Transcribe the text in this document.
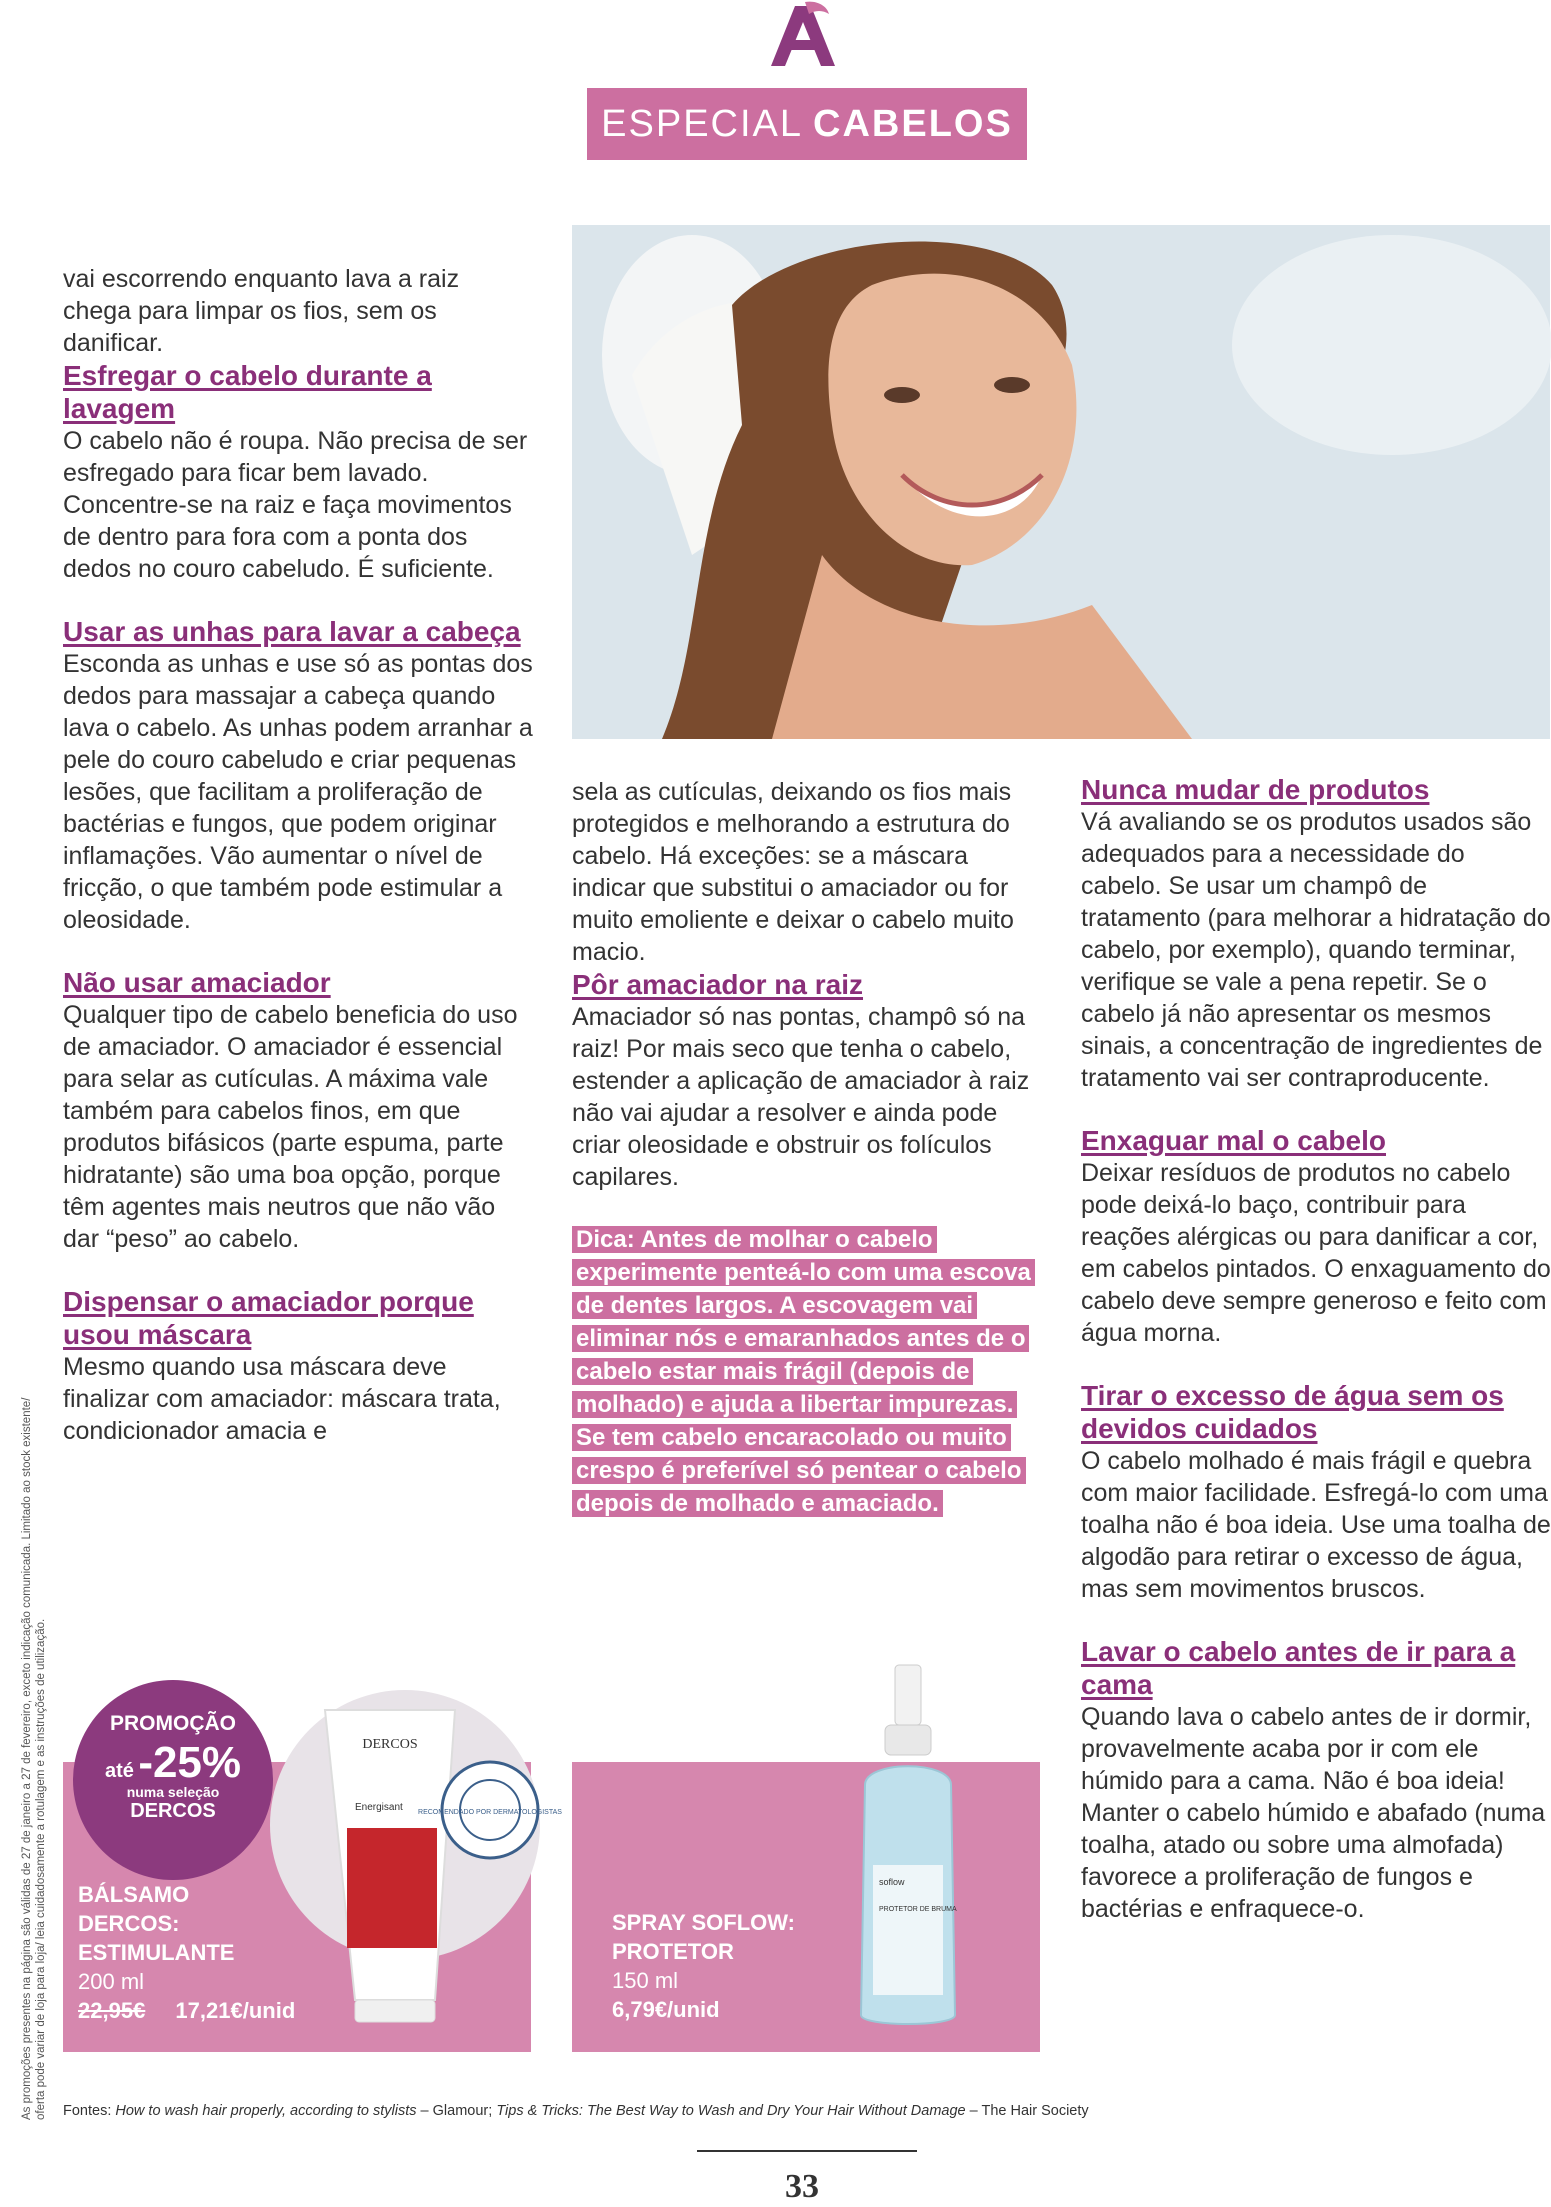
ESPECIAL CABELOS
As promoções presentes na página são válidas de 27 de janeiro a 27 de fevereiro, exceto indicação comunicada. Limitado ao stock existente/ oferta pode variar de loja para loja/ leia cuidadosamente a rotulagem e as instruções de utilização.

vai escorrendo enquanto lava a raiz chega para limpar os fios, sem os danificar.

Esfregar o cabelo durante a lavagem

O cabelo não é roupa. Não precisa de ser esfregado para ficar bem lavado. Concentre-se na raiz e faça movimentos de dentro para fora com a ponta dos dedos no couro cabeludo. É suficiente.

Usar as unhas para lavar a cabeça

Esconda as unhas e use só as pontas dos dedos para massajar a cabeça quando lava o cabelo. As unhas podem arranhar a pele do couro cabeludo e criar pequenas lesões, que facilitam a proliferação de bactérias e fungos, que podem originar inflamações. Vão aumentar o nível de fricção, o que também pode estimular a oleosidade.

Não usar amaciador

Qualquer tipo de cabelo beneficia do uso de amaciador. O amaciador é essencial para selar as cutículas. A máxima vale também para cabelos finos, em que produtos bifásicos (parte espuma, parte hidratante) são uma boa opção, porque têm agentes mais neutros que não vão dar “peso” ao cabelo.

Dispensar o amaciador porque usou máscara

Mesmo quando usa máscara deve finalizar com amaciador: máscara trata, condicionador amacia e

sela as cutículas, deixando os fios mais protegidos e melhorando a estrutura do cabelo. Há exceções: se a máscara indicar que substitui o amaciador ou for muito emoliente e deixar o cabelo muito macio.

Pôr amaciador na raiz

Amaciador só nas pontas, champô só na raiz! Por mais seco que tenha o cabelo, estender a aplicação de amaciador à raiz não vai ajudar a resolver e ainda pode criar oleosidade e obstruir os folículos capilares.

Dica: Antes de molhar o cabelo experimente penteá-lo com uma escova de dentes largos. A escovagem vai eliminar nós e emaranhados antes de o cabelo estar mais frágil (depois de molhado) e ajuda a libertar impurezas. Se tem cabelo encaracolado ou muito crespo é preferível só pentear o cabelo depois de molhado e amaciado.

Nunca mudar de produtos

Vá avaliando se os produtos usados são adequados para a necessidade do cabelo. Se usar um champô de tratamento (para melhorar a hidratação do cabelo, por exemplo), quando terminar, verifique se vale a pena repetir. Se o cabelo já não apresentar os mesmos sinais, a concentração de ingredientes de tratamento vai ser contraproducente.

Enxaguar mal o cabelo

Deixar resíduos de produtos no cabelo pode deixá-lo baço, contribuir para reações alérgicas ou para danificar a cor, em cabelos pintados. O enxaguamento do cabelo deve sempre generoso e feito com água morna.

Tirar o excesso de água sem os devidos cuidados

O cabelo molhado é mais frágil e quebra com maior facilidade. Esfregá-lo com uma toalha não é boa ideia. Use uma toalha de algodão para retirar o excesso de água, mas sem movimentos bruscos.

Lavar o cabelo antes de ir para a cama

Quando lava o cabelo antes de ir dormir, provavelmente acaba por ir com ele húmido para a cama. Não é boa ideia! Manter o cabelo húmido e abafado (numa toalha, atado ou sobre uma almofada) favorece a proliferação de fungos e bactérias e enfraquece-o.

PROMOÇÃO
até -25%
numa seleção
DERCOS
DERCOS
Energisant RECOMENDADO POR DERMATOLOGISTAS
BÁLSAMO
DERCOS:
ESTIMULANTE
200 ml
22,95€ 17,21€/unid
soflow
PROTETOR DE BRUMA
SPRAY SOFLOW:
PROTETOR
150 ml
6,79€/unid
Fontes: How to wash hair properly, according to stylists – Glamour; Tips & Tricks: The Best Way to Wash and Dry Your Hair Without Damage – The Hair Society
33
